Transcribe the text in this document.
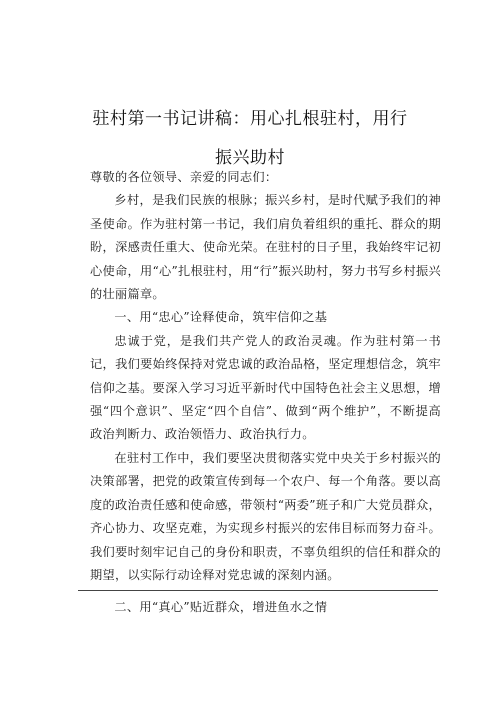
驻村第一书记讲稿：用心扎根驻村，用行
振兴助村

尊敬的各位领导、亲爱的同志们：

乡村，是我们民族的根脉；振兴乡村，是时代赋予我们的神圣使命。作为驻村第一书记，我们肩负着组织的重托、群众的期盼，深感责任重大、使命光荣。在驻村的日子里，我始终牢记初心使命，用“心”扎根驻村，用“行”振兴助村，努力书写乡村振兴的壮丽篇章。

一、用“忠心”诠释使命，筑牢信仰之基

忠诚于党，是我们共产党人的政治灵魂。作为驻村第一书记，我们要始终保持对党忠诚的政治品格，坚定理想信念，筑牢信仰之基。要深入学习习近平新时代中国特色社会主义思想，增强“四个意识”、坚定“四个自信”、做到“两个维护”，不断提高政治判断力、政治领悟力、政治执行力。

在驻村工作中，我们要坚决贯彻落实党中央关于乡村振兴的决策部署，把党的政策宣传到每一个农户、每一个角落。要以高度的政治责任感和使命感，带领村“两委”班子和广大党员群众，齐心协力、攻坚克难，为实现乡村振兴的宏伟目标而努力奋斗。我们要时刻牢记自己的身份和职责，不辜负组织的信任和群众的期望，以实际行动诠释对党忠诚的深刻内涵。

二、用“真心”贴近群众，增进鱼水之情
